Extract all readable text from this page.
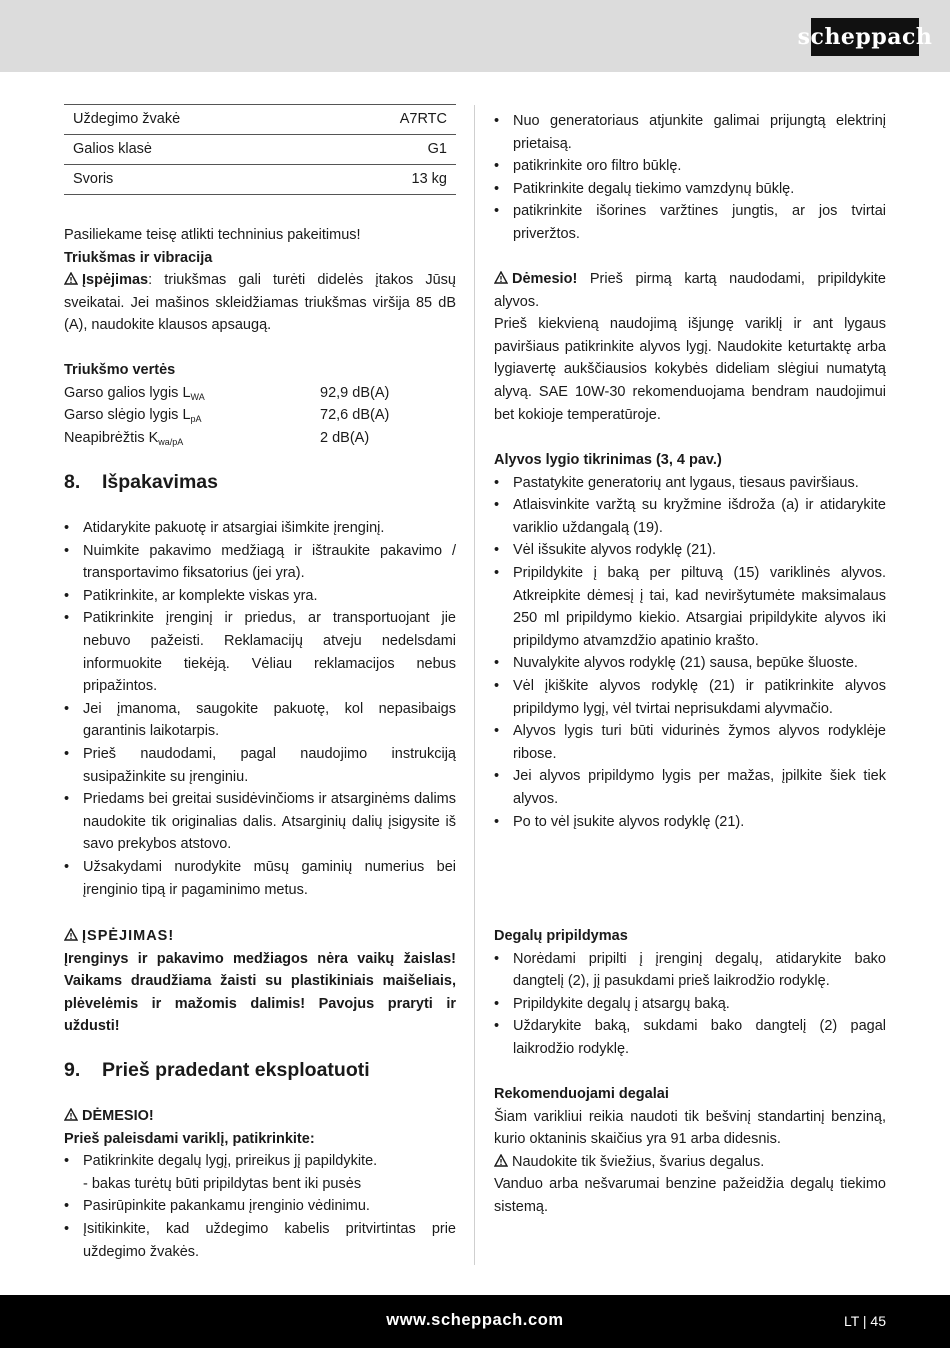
scheppach
Uždegimo žvakė	A7RTC
Galios klasė	G1
Svoris	13 kg

Pasiliekame teisę atlikti techninius pakeitimus!

Triukšmas ir vibracija

Įspėjimas: triukšmas gali turėti didelės įtakos Jūsų sveikatai. Jei mašinos skleidžiamas triukšmas viršija 85 dB (A), naudokite klausos apsaugą.

Triukšmo vertės

Garso galios lygis $L_{WA}$	92,9 dB(A)
Garso slėgio lygis $L_{pA}$	72,6 dB(A)
Neapibrėžtis $K_{wa/pA}$	2 dB(A)
8. Išpakavimas
• Atidarykite pakuotę ir atsargiai išimkite įrenginį.
• Nuimkite pakavimo medžiagą ir ištraukite pakavimo / transportavimo fiksatorius (jei yra).
• Patikrinkite, ar komplekte viskas yra.
• Patikrinkite įrenginį ir priedus, ar transportuojant jie nebuvo pažeisti. Reklamacijų atveju nedelsdami informuokite tiekėją. Vėliau reklamacijos nebus pripažintos.
• Jei įmanoma, saugokite pakuotę, kol nepasibaigs garantinis laikotarpis.
• Prieš naudodami, pagal naudojimo instrukciją susipažinkite su įrenginiu.
• Priedams bei greitai susidėvinčioms ir atsarginėms dalims naudokite tik originalias dalis. Atsarginių dalių įsigysite iš savo prekybos atstovo.
• Užsakydami nurodykite mūsų gaminių numerius bei įrenginio tipą ir pagaminimo metus.

ĮSPĖJIMAS!

Įrenginys ir pakavimo medžiagos nėra vaikų žaislas! Vaikams draudžiama žaisti su plastikiniais maišeliais, plėvelėmis ir mažomis dalimis! Pavojus praryti ir uždusti!

9. Prieš pradedant eksploatuoti

DĖMESIO!

Prieš paleisdami variklį, patikrinkite:

• Patikrinkite degalų lygį, prireikus jį papildykite.

- bakas turėtų būti pripildytas bent iki pusės

• Pasirūpinkite pakankamu įrenginio vėdinimu.
• Įsitikinkite, kad uždegimo kabelis pritvirtintas prie uždegimo žvakės.
• Nuo generatoriaus atjunkite galimai prijungtą elektrinį prietaisą.
• patikrinkite oro filtro būklę.
• Patikrinkite degalų tiekimo vamzdynų būklę.
• patikrinkite išorines varžtines jungtis, ar jos tvirtai priveržtos.

Dėmesio! Prieš pirmą kartą naudodami, pripildykite alyvos.

Prieš kiekvieną naudojimą išjungę variklį ir ant lygaus paviršiaus patikrinkite alyvos lygį. Naudokite keturtaktę arba lygiavertę aukščiausios kokybės dideliam slėgiui numatytą alyvą. SAE 10W-30 rekomenduojama bendram naudojimui bet kokioje temperatūroje.

Alyvos lygio tikrinimas (3, 4 pav.)

• Pastatykite generatorių ant lygaus, tiesaus paviršiaus.
• Atlaisvinkite varžtą su kryžmine išdroža (a) ir atidarykite variklio uždangalą (19).
• Vėl išsukite alyvos rodyklę (21).
• Pripildykite į baką per piltuvą (15) variklinės alyvos. Atkreipkite dėmesį į tai, kad neviršytumėte maksimalaus 250 ml pripildymo kiekio. Atsargiai pripildykite alyvos iki pripildymo atvamzdžio apatinio krašto.
• Nuvalykite alyvos rodyklę (21) sausa, bepūke šluoste.
• Vėl įkiškite alyvos rodyklę (21) ir patikrinkite alyvos pripildymo lygį, vėl tvirtai neprisukdami alyvmačio.
• Alyvos lygis turi būti vidurinės žymos alyvos rodyklėje ribose.
• Jei alyvos pripildymo lygis per mažas, įpilkite šiek tiek alyvos.
• Po to vėl įsukite alyvos rodyklę (21).

Degalų pripildymas

• Norėdami pripilti į įrenginį degalų, atidarykite bako dangtelį (2), jį pasukdami prieš laikrodžio rodyklę.
• Pripildykite degalų į atsargų baką.
• Uždarykite baką, sukdami bako dangtelį (2) pagal laikrodžio rodyklę.

Rekomenduojami degalai

Šiam varikliui reikia naudoti tik bešvinį standartinį benziną, kurio oktaninis skaičius yra 91 arba didesnis.

Naudokite tik šviežius, švarius degalus.

Vanduo arba nešvarumai benzine pažeidžia degalų tiekimo sistemą.

www.scheppach.com	LT | 45
